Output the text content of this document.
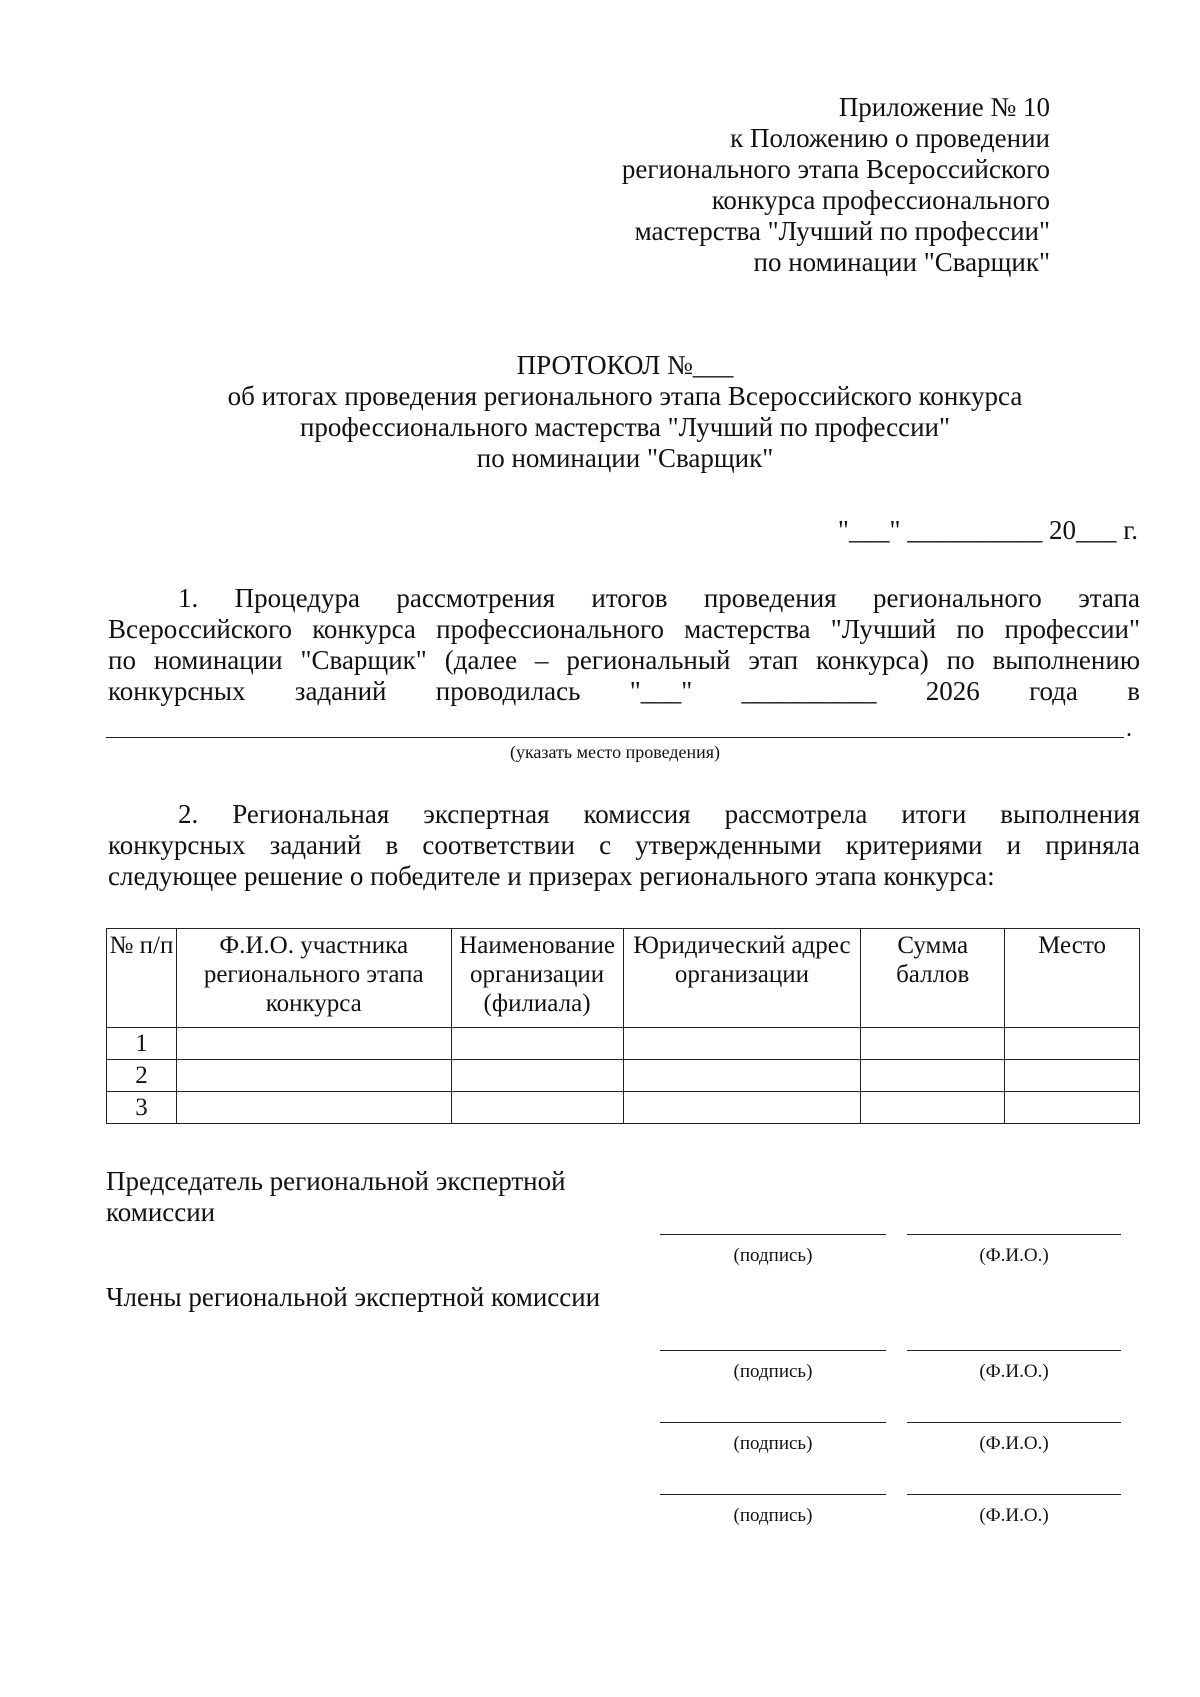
Приложение № 10
к Положению о проведении
регионального этапа Всероссийского
конкурса профессионального
мастерства "Лучший по профессии"
по номинации "Сварщик"
ПРОТОКОЛ №___
об итогах проведения регионального этапа Всероссийского конкурса
профессионального мастерства "Лучший по профессии"
по номинации "Сварщик"
"___" __________ 20___ г.
1. Процедура рассмотрения итогов проведения регионального этапа
Всероссийского конкурса профессионального мастерства "Лучший по профессии"
по номинации "Сварщик" (далее – региональный этап конкурса) по выполнению
конкурсных заданий проводилась "___" __________ 2026 года в
.
(указать место проведения)
2. Региональная экспертная комиссия рассмотрела итоги выполнения
конкурсных заданий в соответствии с утвержденными критериями и приняла
следующее решение о победителе и призерах регионального этапа конкурса:
№ п/п	Ф.И.О. участника регионального этапа конкурса	Наименование организации (филиала)	Юридический адрес организации	Сумма баллов	Место
1					
2					
3					
Председатель региональной экспертной
комиссии
(подпись)	(Ф.И.О.)
Члены региональной экспертной комиссии
(подпись)	(Ф.И.О.)
(подпись)	(Ф.И.О.)
(подпись)	(Ф.И.О.)
